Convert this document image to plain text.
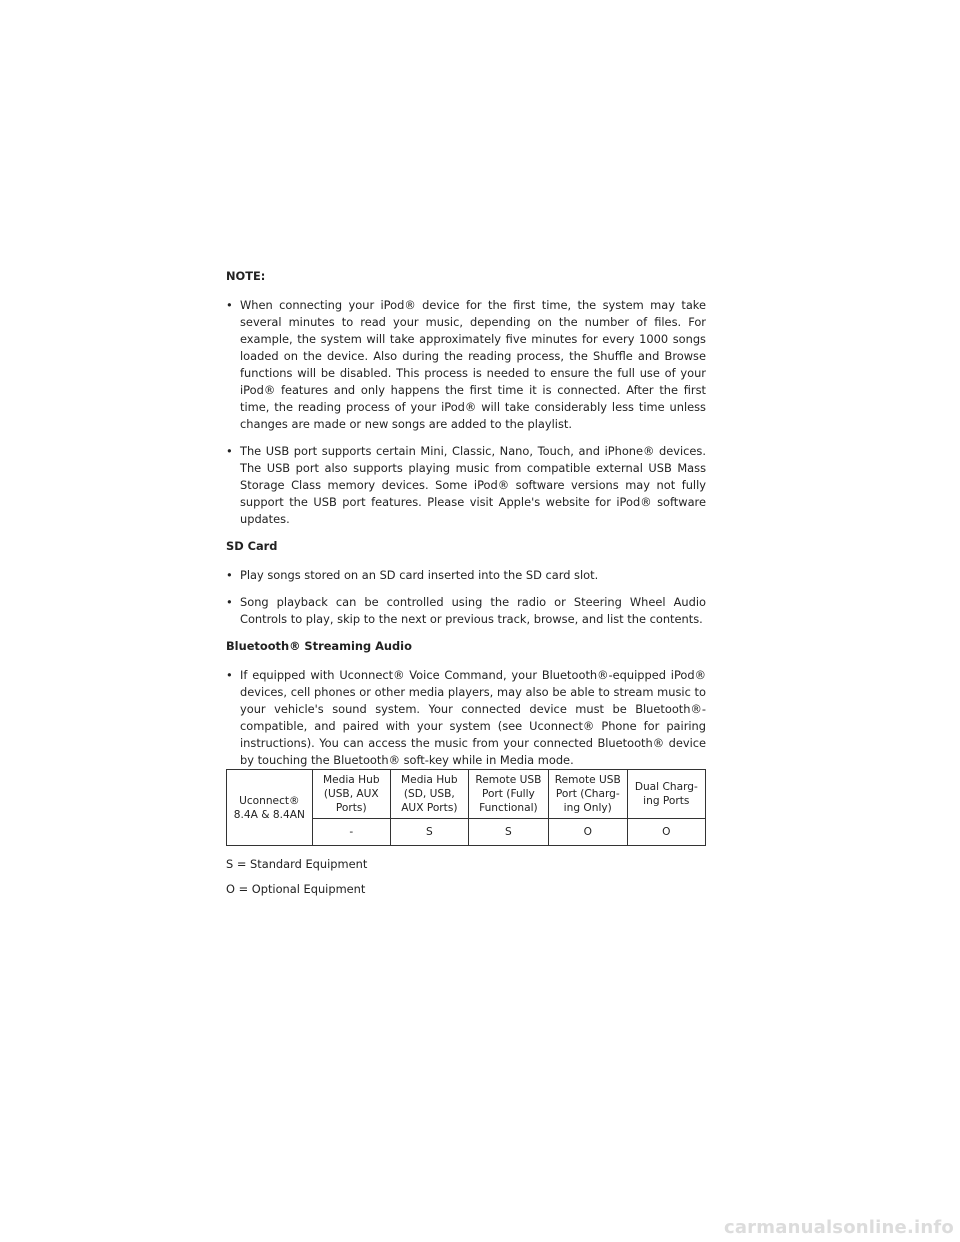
NOTE:
• When connecting your iPod® device for the first time, the system may take several minutes to read your music, depending on the number of files. For example, the system will take approximately five minutes for every 1000 songs loaded on the device. Also during the reading process, the Shuffle and Browse functions will be disabled. This process is needed to ensure the full use of your iPod® features and only happens the first time it is connected. After the first time, the reading process of your iPod® will take considerably less time unless changes are made or new songs are added to the playlist.
• The USB port supports certain Mini, Classic, Nano, Touch, and iPhone® devices. The USB port also supports playing music from compatible external USB Mass Storage Class memory devices. Some iPod® software versions may not fully support the USB port features. Please visit Apple's website for iPod® software updates.
SD Card
• Play songs stored on an SD card inserted into the SD card slot.
• Song playback can be controlled using the radio or Steering Wheel Audio Controls to play, skip to the next or previous track, browse, and list the contents.
Bluetooth® Streaming Audio
• If equipped with Uconnect® Voice Command, your Bluetooth®-equipped iPod® devices, cell phones or other media players, may also be able to stream music to your vehicle's sound system. Your connected device must be Bluetooth®-compatible, and paired with your system (see Uconnect® Phone for pairing instructions). You can access the music from your connected Bluetooth® device by touching the Bluetooth® soft-key while in Media mode.
Uconnect® 8.4A & 8.4AN	Media Hub (USB, AUX Ports)	Media Hub (SD, USB, AUX Ports)	Remote USB Port (Fully Functional)	Remote USB Port (Charg-ing Only)	Dual Charg-ing Ports
	-	S	S	O	O
S = Standard Equipment
O = Optional Equipment
carmanualsonline.info
